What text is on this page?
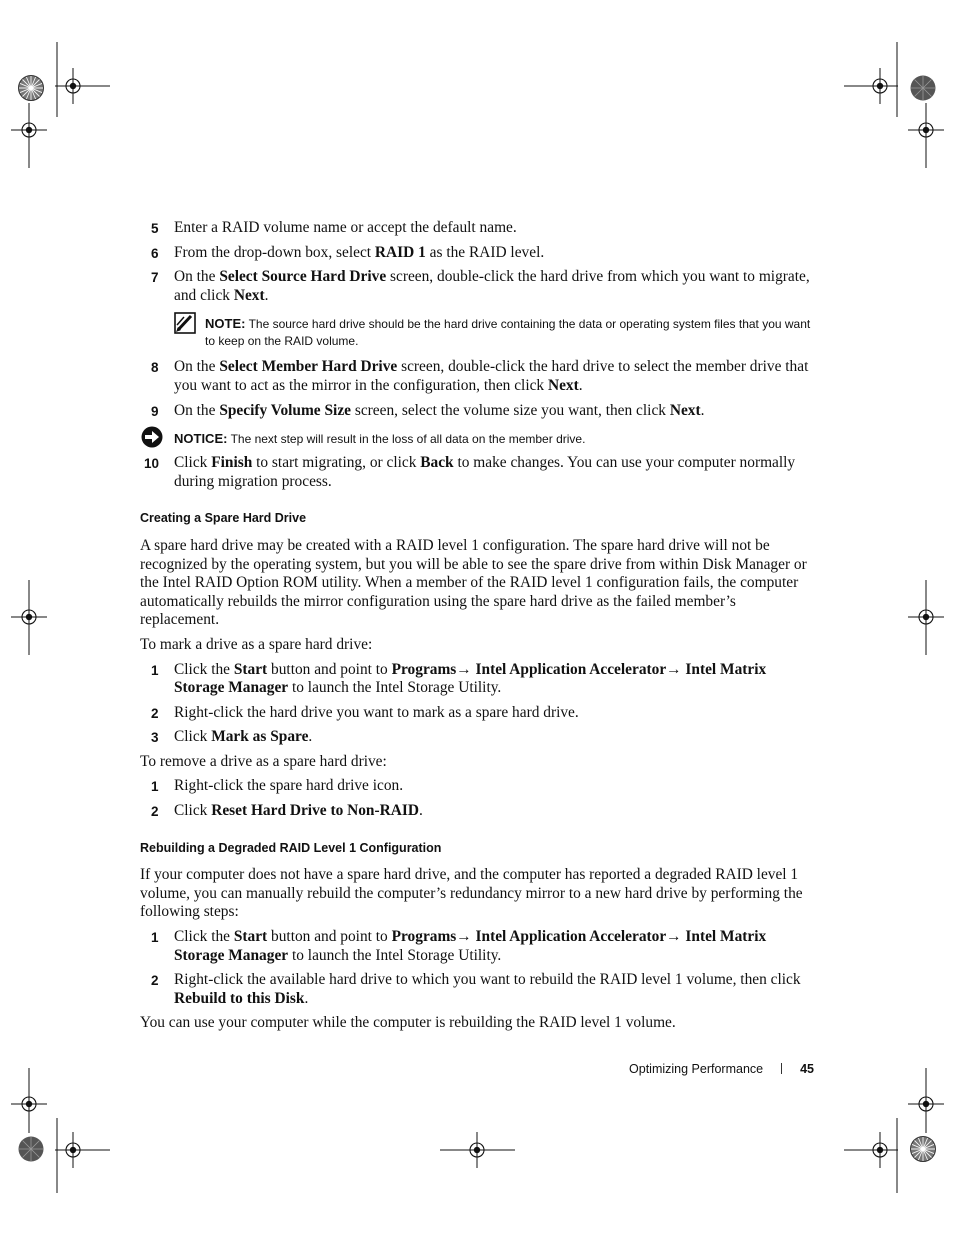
5	Enter a RAID volume name or accept the default name.
6	From the drop-down box, select RAID 1 as the RAID level.
7	On the Select Source Hard Drive screen, double-click the hard drive from which you want to migrate, and click Next.
NOTE: The source hard drive should be the hard drive containing the data or operating system files that you want to keep on the RAID volume.
8	On the Select Member Hard Drive screen, double-click the hard drive to select the member drive that you want to act as the mirror in the configuration, then click Next.
9	On the Specify Volume Size screen, select the volume size you want, then click Next.
NOTICE: The next step will result in the loss of all data on the member drive.
10 Click Finish to start migrating, or click Back to make changes. You can use your computer normally during migration process.
Creating a Spare Hard Drive

A spare hard drive may be created with a RAID level 1 configuration. The spare hard drive will not be recognized by the operating system, but you will be able to see the spare drive from within Disk Manager or the Intel RAID Option ROM utility. When a member of the RAID level 1 configuration fails, the computer automatically rebuilds the mirror configuration using the spare hard drive as the failed member’s replacement.

To mark a drive as a spare hard drive:

1	Click the Start button and point to Programs→ Intel Application Accelerator→ Intel Matrix Storage Manager to launch the Intel Storage Utility.
2	Right-click the hard drive you want to mark as a spare hard drive.
3	Click Mark as Spare.

To remove a drive as a spare hard drive:

1	Right-click the spare hard drive icon.
2	Click Reset Hard Drive to Non-RAID.
Rebuilding a Degraded RAID Level 1 Configuration

If your computer does not have a spare hard drive, and the computer has reported a degraded RAID level 1 volume, you can manually rebuild the computer’s redundancy mirror to a new hard drive by performing the following steps:

1	Click the Start button and point to Programs→ Intel Application Accelerator→ Intel Matrix Storage Manager to launch the Intel Storage Utility.
2	Right-click the available hard drive to which you want to rebuild the RAID level 1 volume, then click Rebuild to this Disk.

You can use your computer while the computer is rebuilding the RAID level 1 volume.

Optimizing Performance	45
